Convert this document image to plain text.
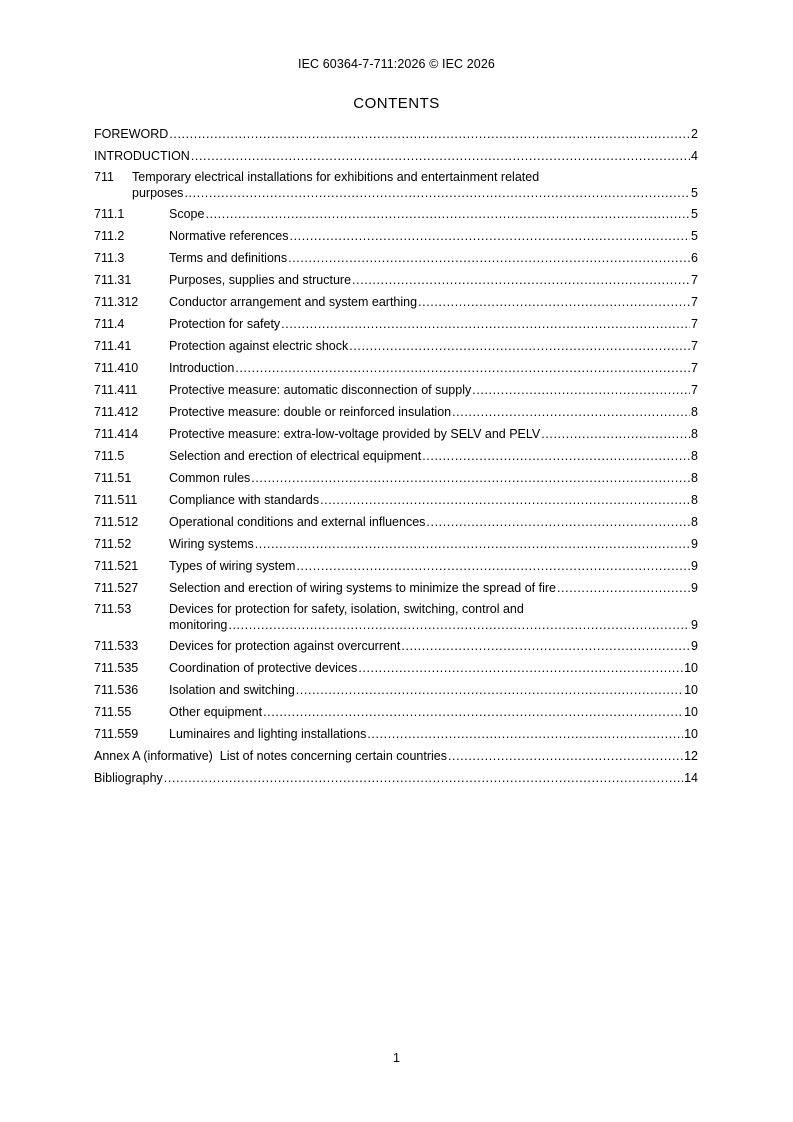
IEC 60364-7-711:2026 © IEC 2026
CONTENTS
FOREWORD .....	2
INTRODUCTION .....	4
711	Temporary electrical installations for exhibitions and entertainment related
purposes .....	5
711.1	Scope .....	5
711.2	Normative references .....	5
711.3	Terms and definitions .....	6
711.31	Purposes, supplies and structure .....	7
711.312	Conductor arrangement and system earthing .....	7
711.4	Protection for safety .....	7
711.41	Protection against electric shock .....	7
711.410	Introduction .....	7
711.411	Protective measure: automatic disconnection of supply .....	7
711.412	Protective measure: double or reinforced insulation .....	8
711.414	Protective measure: extra-low-voltage provided by SELV and PELV .....	8
711.5	Selection and erection of electrical equipment .....	8
711.51	Common rules .....	8
711.511	Compliance with standards .....	8
711.512	Operational conditions and external influences .....	8
711.52	Wiring systems .....	9
711.521	Types of wiring system .....	9
711.527	Selection and erection of wiring systems to minimize the spread of fire .....	9
711.53	Devices for protection for safety, isolation, switching, control and
monitoring .....	9
711.533	Devices for protection against overcurrent .....	9
711.535	Coordination of protective devices .....	10
711.536	Isolation and switching .....	10
711.55	Other equipment .....	10
711.559	Luminaires and lighting installations .....	10
Annex A (informative)  List of notes concerning certain countries .....	12
Bibliography .....	14
1
